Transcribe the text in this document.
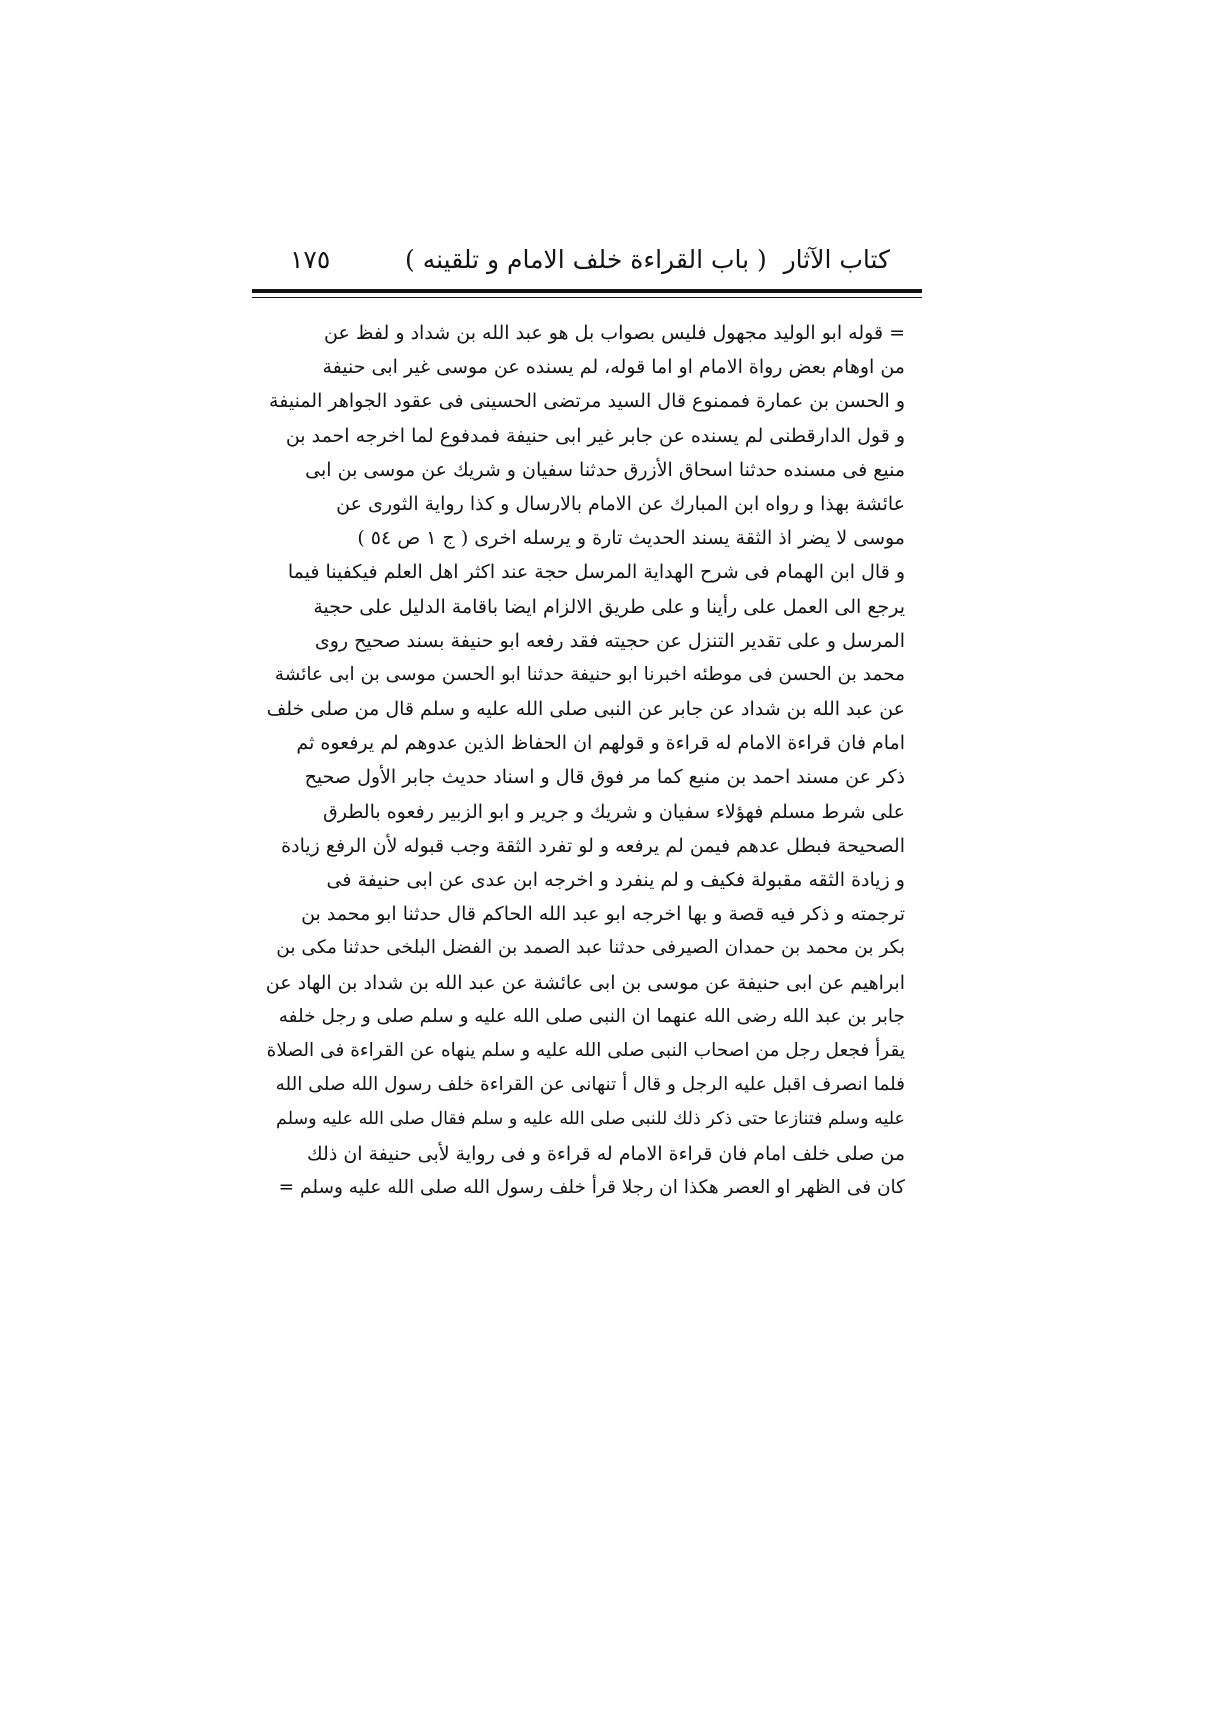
كتاب الآثار
( باب القراءة خلف الامام و تلقينه )
١٧٥
= قوله ابو الوليد مجهول فليس بصواب بل هو عبد الله بن شداد و لفظ عن
من اوهام بعض رواة الامام او اما قوله، لم يسنده عن موسى غير ابى حنيفة
و الحسن بن عمارة فممنوع قال السيد مرتضى الحسينى فى عقود الجواهر المنيفة
و قول الدارقطنى لم يسنده عن جابر غير ابى حنيفة فمدفوع لما اخرجه احمد بن
منيع فى مسنده حدثنا اسحاق الأزرق حدثنا سفيان و شريك عن موسى بن ابى
عائشة بهذا و رواه ابن المبارك عن الامام بالارسال و كذا رواية الثورى عن
موسى لا يضر اذ الثقة يسند الحديث تارة و يرسله اخرى ( ج ١ ص ٥٤ )
و قال ابن الهمام فى شرح الهداية المرسل حجة عند اكثر اهل العلم فيكفينا فيما
يرجع الى العمل على رأينا و على طريق الالزام ايضا باقامة الدليل على حجية
المرسل و على تقدير التنزل عن حجيته فقد رفعه ابو حنيفة بسند صحيح روى
محمد بن الحسن فى موطئه اخبرنا ابو حنيفة حدثنا ابو الحسن موسى بن ابى عائشة
عن عبد الله بن شداد عن جابر عن النبى صلى الله عليه و سلم قال من صلى خلف
امام فان قراءة الامام له قراءة و قولهم ان الحفاظ الذين عدوهم لم يرفعوه ثم
ذكر عن مسند احمد بن منيع كما مر فوق قال و اسناد حديث جابر الأول صحيح
على شرط مسلم فهؤلاء سفيان و شريك و جرير و ابو الزبير رفعوه بالطرق
الصحيحة فبطل عدهم فيمن لم يرفعه و لو تفرد الثقة وجب قبوله لأن الرفع زيادة
و زيادة الثقه مقبولة فكيف و لم ينفرد و اخرجه ابن عدى عن ابى حنيفة فى
ترجمته و ذكر فيه قصة و بها اخرجه ابو عبد الله الحاكم قال حدثنا ابو محمد بن
بكر بن محمد بن حمدان الصيرفى حدثنا عبد الصمد بن الفضل البلخى حدثنا مكى بن
ابراهيم عن ابى حنيفة عن موسى بن ابى عائشة عن عبد الله بن شداد بن الهاد عن
جابر بن عبد الله رضى الله عنهما ان النبى صلى الله عليه و سلم صلى و رجل خلفه
يقرأ فجعل رجل من اصحاب النبى صلى الله عليه و سلم ينهاه عن القراءة فى الصلاة
فلما انصرف اقبل عليه الرجل و قال أ تنهانى عن القراءة خلف رسول الله صلى الله
عليه وسلم فتنازعا حتى ذكر ذلك للنبى صلى الله عليه و سلم فقال صلى الله عليه وسلم
من صلى خلف امام فان قراءة الامام له قراءة و فى رواية لأبى حنيفة ان ذلك
كان فى الظهر او العصر هكذا ان رجلا قرأ خلف رسول الله صلى الله عليه وسلم =
